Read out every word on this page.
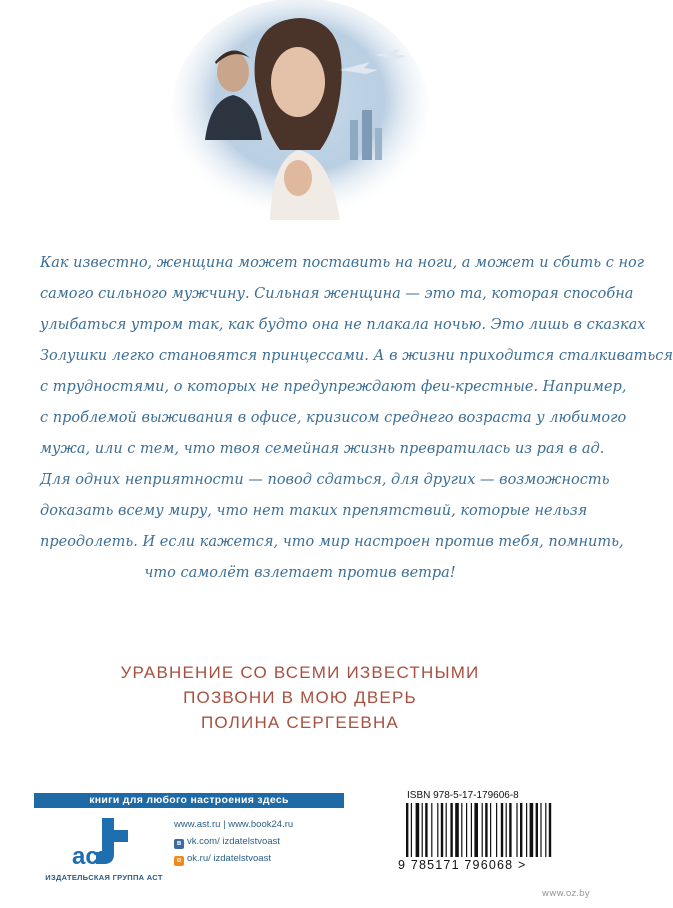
Как известно, женщина может поставить на ноги, а может и сбить с ног
самого сильного мужчину. Сильная женщина — это та, которая способна
улыбаться утром так, как будто она не плакала ночью. Это лишь в сказках
Золушки легко становятся принцессами. А в жизни приходится сталкиваться
с трудностями, о которых не предупреждают феи-крестные. Например,
с проблемой выживания в офисе, кризисом среднего возраста у любимого
мужа, или с тем, что твоя семейная жизнь превратилась из рая в ад.
Для одних неприятности — повод сдаться, для других — возможность
доказать всему миру, что нет таких препятствий, которые нельзя
преодолеть. И если кажется, что мир настроен против тебя, помнить,
что самолёт взлетает против ветра!
УРАВНЕНИЕ СО ВСЕМИ ИЗВЕСТНЫМИ
ПОЗВОНИ В МОЮ ДВЕРЬ
ПОЛИНА СЕРГЕЕВНА
книги для любого настроения здесь
аст
ИЗДАТЕЛЬСКАЯ ГРУППА АСТ
www.ast.ru | www.book24.ru
в vk.com/ izdatelstvoast
о ok.ru/ izdatelstvoast
ISBN 978-5-17-179606-8
9 785171 796068 >
www.oz.by
